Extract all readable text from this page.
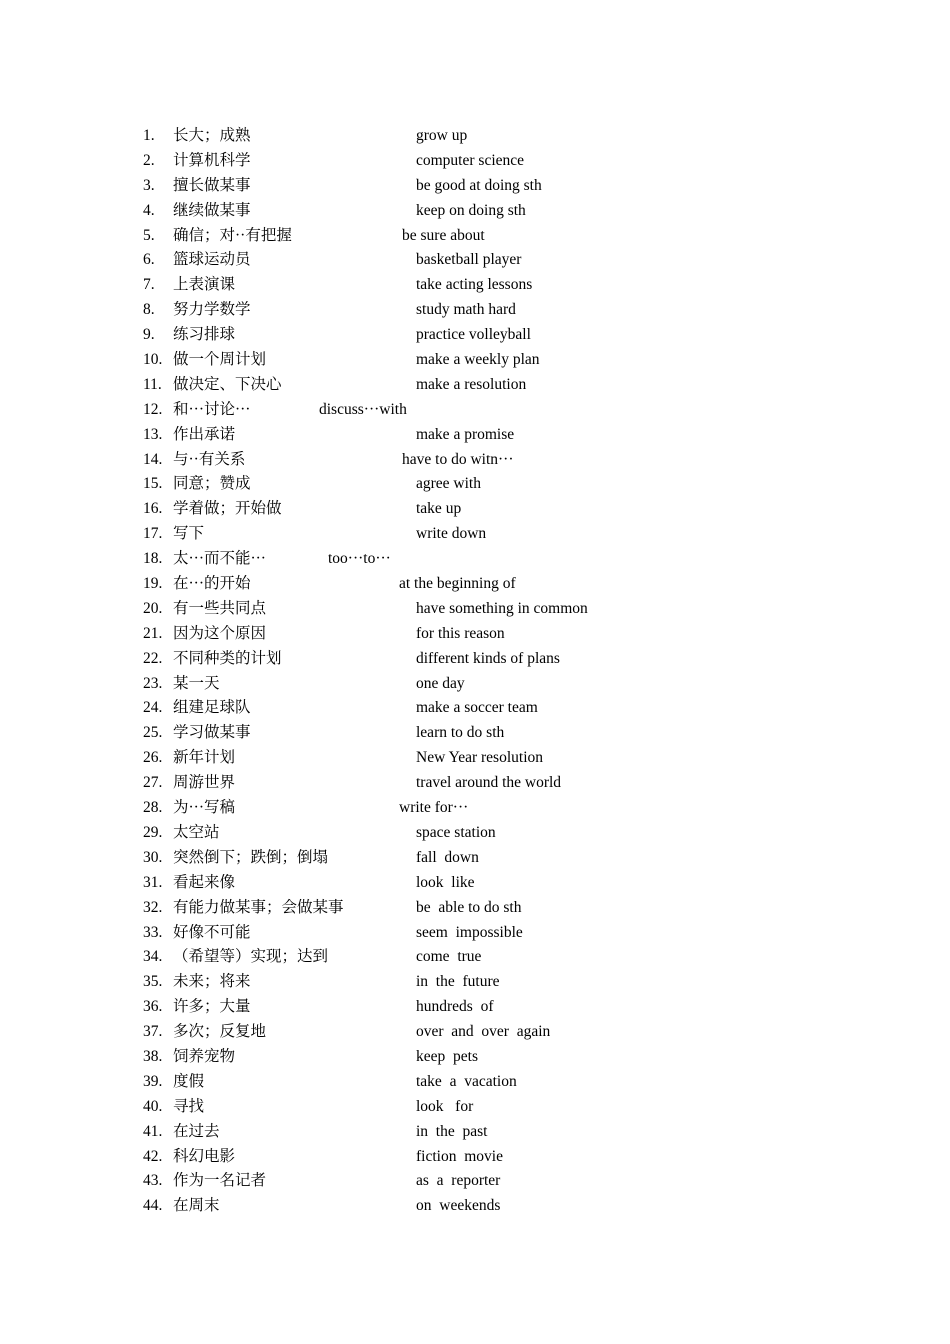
1. 长大；成熟	grow up
2. 计算机科学	computer science
3. 擅长做某事	be good at doing sth
4. 继续做某事	keep on doing sth
5. 确信；对··有把握	be sure about
6. 篮球运动员	basketball player
7. 上表演课	take acting lessons
8. 努力学数学	study math hard
9. 练习排球	practice volleyball
10. 做一个周计划	make a weekly plan
11. 做决定、下决心	make a resolution
12. 和···讨论···	discuss···with
13. 作出承诺	make a promise
14. 与··有关系	have to do witn···
15. 同意；赞成	agree with
16. 学着做；开始做	take up
17. 写下	write down
18. 太···而不能···	too···to···
19. 在···的开始	at the beginning of
20. 有一些共同点	have something in common
21. 因为这个原因	for this reason
22. 不同种类的计划	different kinds of plans
23. 某一天	one day
24. 组建足球队	make a soccer team
25. 学习做某事	learn to do sth
26. 新年计划	New Year resolution
27. 周游世界	travel around the world
28. 为···写稿	write for···
29. 太空站	space station
30. 突然倒下；跌倒；倒塌	fall  down
31. 看起来像	look  like
32. 有能力做某事；会做某事	be  able to do sth
33. 好像不可能	seem  impossible
34. （希望等）实现；达到	come  true
35. 未来；将来	in  the  future
36. 许多；大量	hundreds  of
37. 多次；反复地	over  and  over  again
38. 饲养宠物	keep  pets
39. 度假	take  a  vacation
40. 寻找	look   for
41. 在过去	in  the  past
42. 科幻电影	fiction  movie
43. 作为一名记者	as  a  reporter
44. 在周末	on  weekends
